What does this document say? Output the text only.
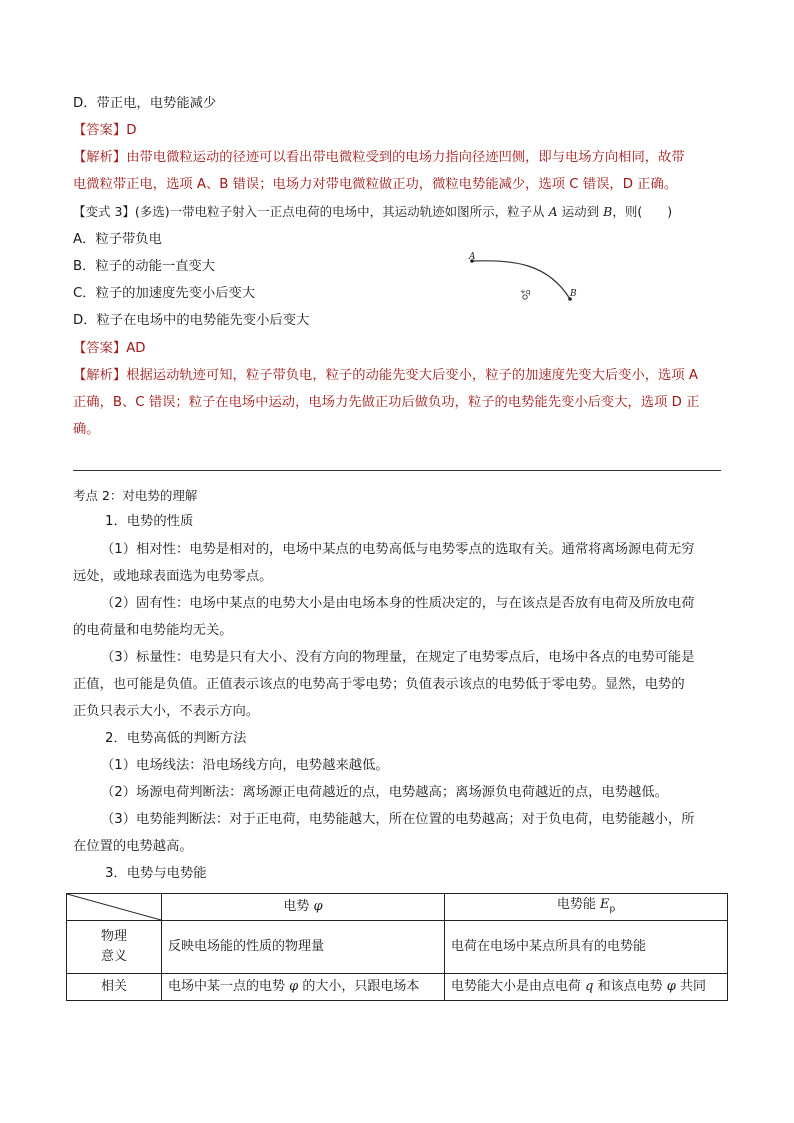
D．带正电，电势能减少
【答案】D
【解析】由带电微粒运动的径迹可以看出带电微粒受到的电场力指向径迹凹侧，即与电场方向相同，故带
电微粒带正电，选项 A、B 错误；电场力对带电微粒做正功，微粒电势能减少，选项 C 错误，D 正确。
【变式 3】(多选)一带电粒子射入一正点电荷的电场中，其运动轨迹如图所示，粒子从 A 运动到 B，则(　　)
A．粒子带负电
B．粒子的动能一直变大
C．粒子的加速度先变小后变大
D．粒子在电场中的电势能先变小后变大
A
B
+q
【答案】AD
【解析】根据运动轨迹可知，粒子带负电，粒子的动能先变大后变小，粒子的加速度先变大后变小，选项 A
正确，B、C 错误；粒子在电场中运动，电场力先做正功后做负功，粒子的电势能先变小后变大，选项 D 正
确。
考点 2：对电势的理解
1．电势的性质
（1）相对性：电势是相对的，电场中某点的电势高低与电势零点的选取有关。通常将离场源电荷无穷
远处，或地球表面选为电势零点。
（2）固有性：电场中某点的电势大小是由电场本身的性质决定的，与在该点是否放有电荷及所放电荷
的电荷量和电势能均无关。
（3）标量性：电势是只有大小、没有方向的物理量，在规定了电势零点后，电场中各点的电势可能是
正值，也可能是负值。正值表示该点的电势高于零电势；负值表示该点的电势低于零电势。显然，电势的
正负只表示大小，不表示方向。
2．电势高低的判断方法
（1）电场线法：沿电场线方向，电势越来越低。
（2）场源电荷判断法：离场源正电荷越近的点，电势越高；离场源负电荷越近的点，电势越低。
（3）电势能判断法：对于正电荷，电势能越大，所在位置的电势越高；对于负电荷，电势能越小，所
在位置的电势越高。
3．电势与电势能
	电势 φ	电势能 $E_p$

物理
意义	反映电场能的性质的物理量	电荷在电场中某点所具有的电势能
相关	电场中某一点的电势 φ 的大小，只跟电场本	电势能大小是由点电荷 q 和该点电势 φ 共同
